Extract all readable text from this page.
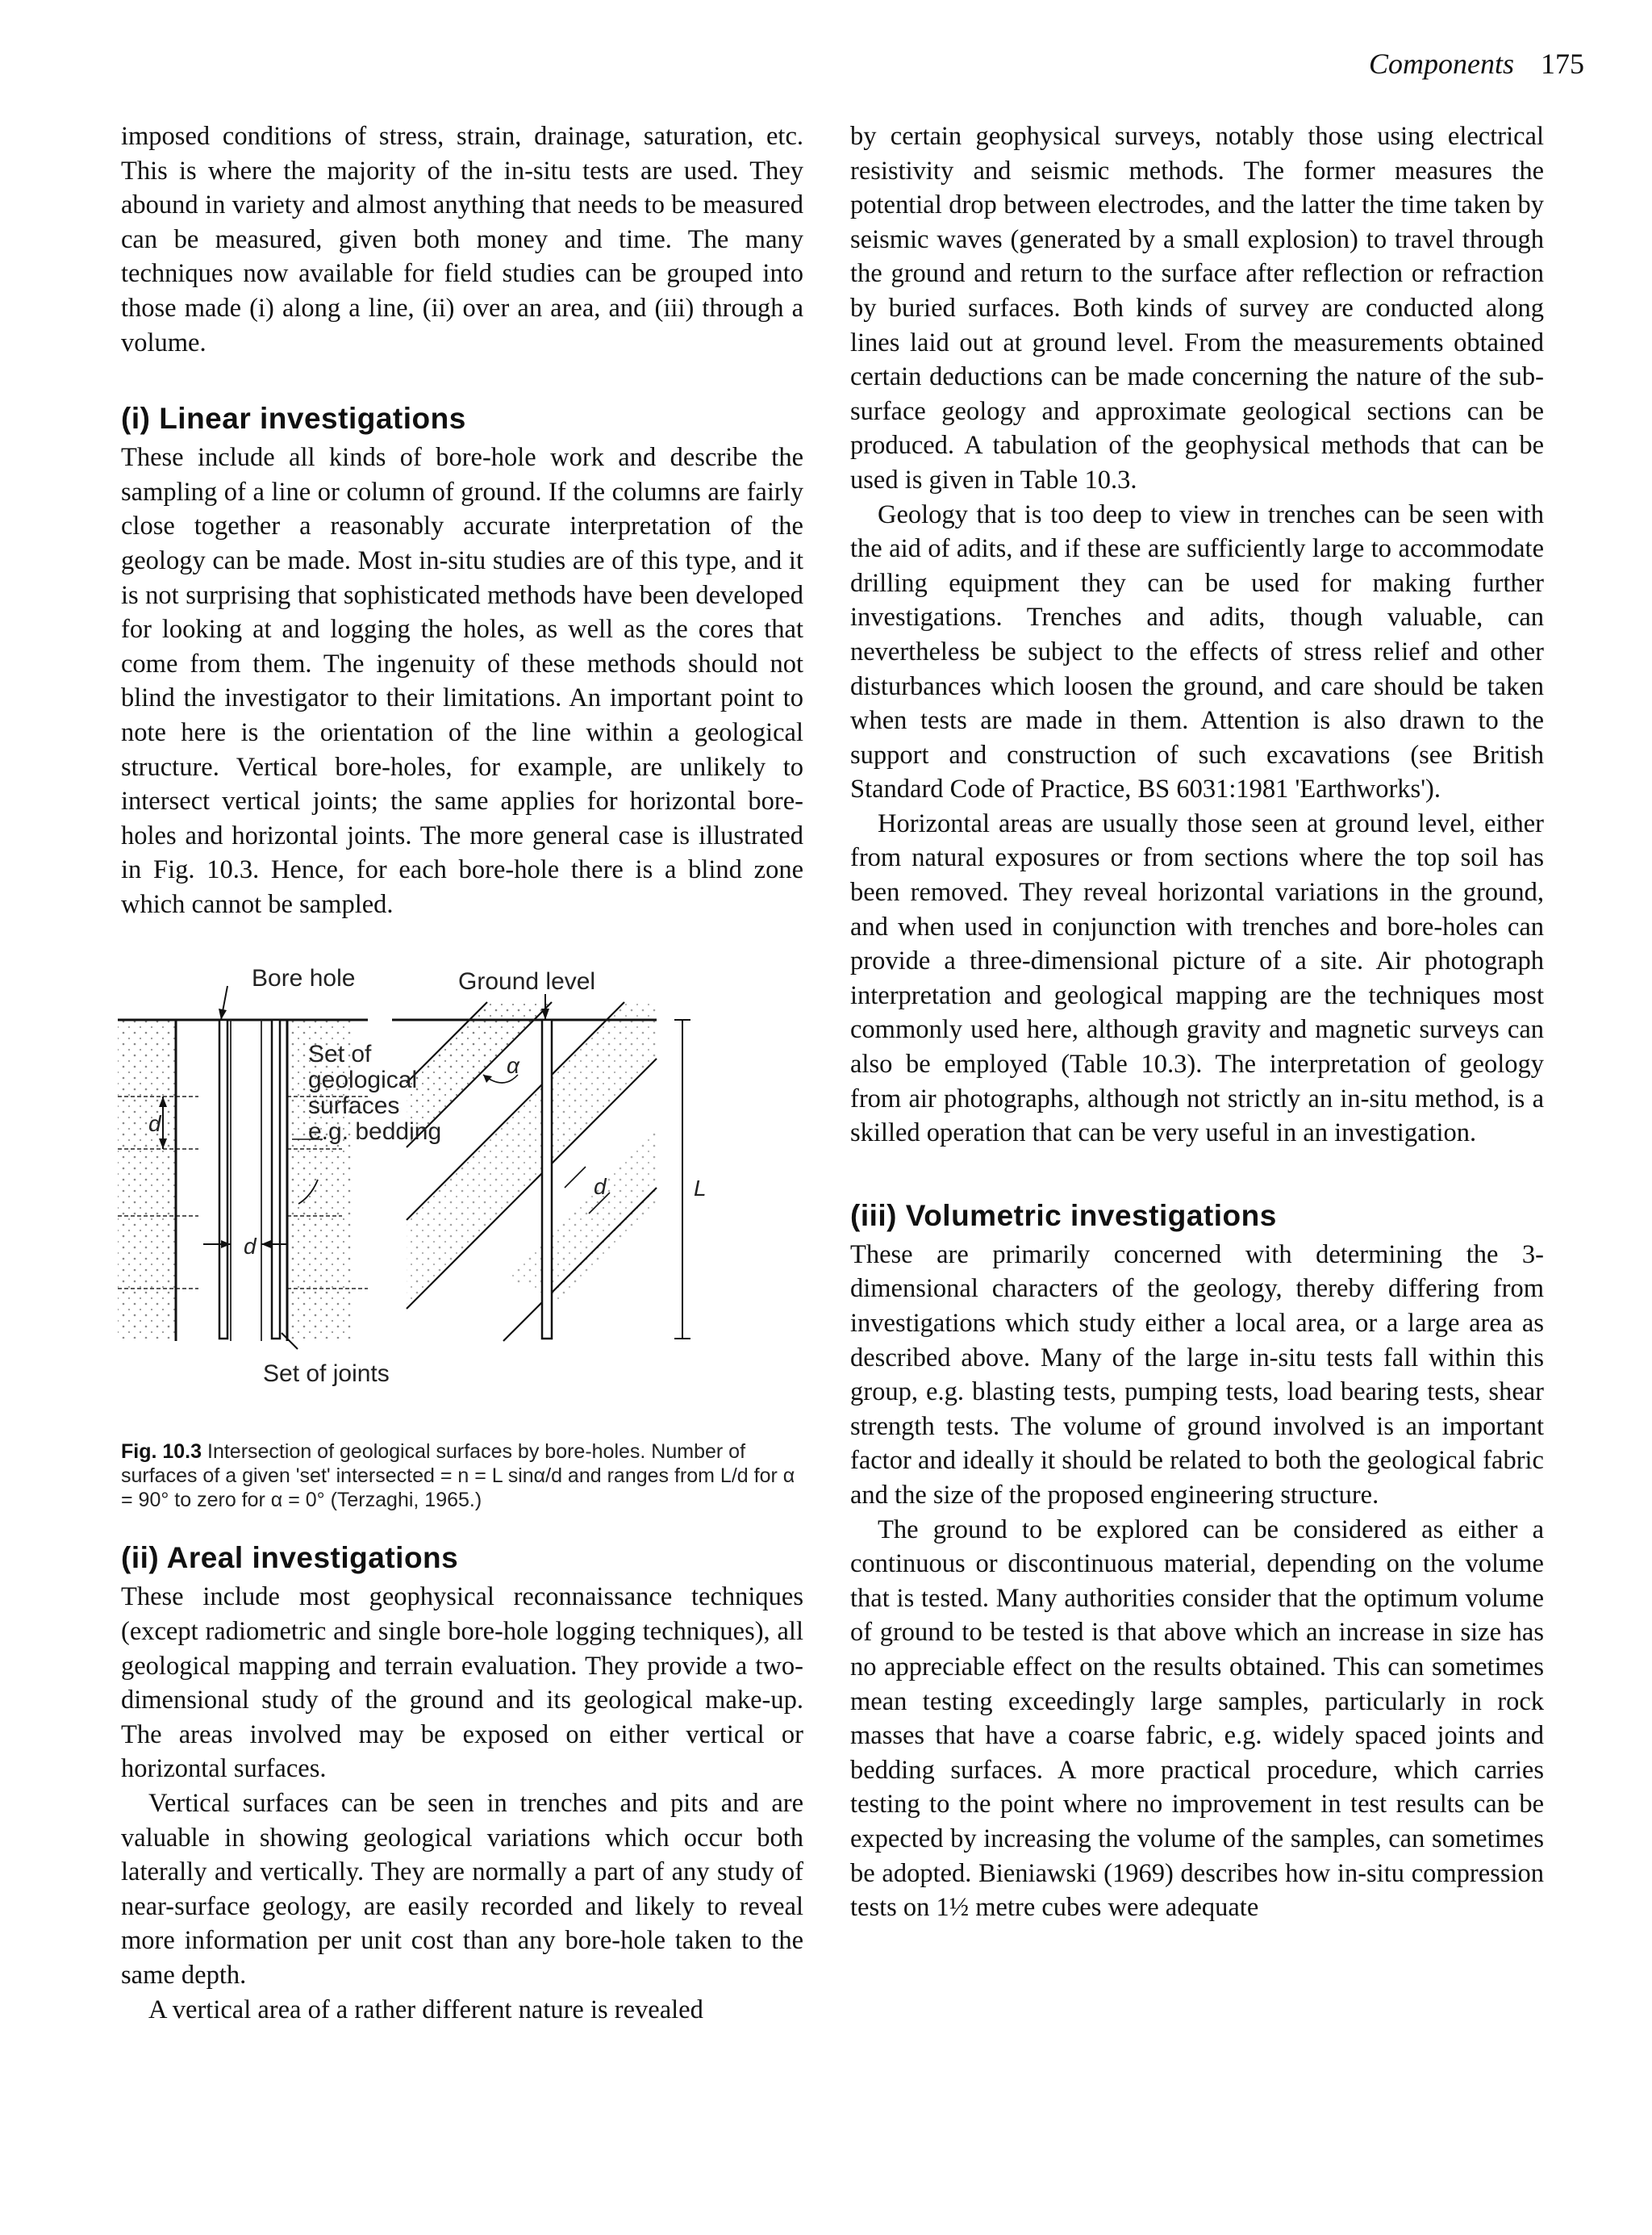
Components 175

imposed conditions of stress, strain, drainage, saturation, etc. This is where the majority of the in-situ tests are used. They abound in variety and almost anything that needs to be measured can be measured, given both money and time. The many techniques now available for field studies can be grouped into those made (i) along a line, (ii) over an area, and (iii) through a volume.

(i) Linear investigations

These include all kinds of bore-hole work and describe the sampling of a line or column of ground. If the columns are fairly close together a reasonably accurate interpretation of the geology can be made. Most in-situ studies are of this type, and it is not surprising that sophisticated methods have been developed for looking at and logging the holes, as well as the cores that come from them. The ingenuity of these methods should not blind the investigator to their limitations. An important point to note here is the orientation of the line within a geological structure. Vertical bore-holes, for example, are unlikely to intersect vertical joints; the same applies for horizontal bore-holes and horizontal joints. The more general case is illustrated in Fig. 10.3. Hence, for each bore-hole there is a blind zone which cannot be sampled.

Bore hole	Ground level
Set of
geological
surfaces
e.g. bedding
Set of joints
d
d
d
α
L
Fig. 10.3 Intersection of geological surfaces by bore-holes. Number of surfaces of a given 'set' intersected = n = L sinα/d and ranges from L/d for α = 90° to zero for α = 0° (Terzaghi, 1965.)
(ii) Areal investigations

These include most geophysical reconnaissance techniques (except radiometric and single bore-hole logging techniques), all geological mapping and terrain evaluation. They provide a two-dimensional study of the ground and its geological make-up. The areas involved may be exposed on either vertical or horizontal surfaces.

Vertical surfaces can be seen in trenches and pits and are valuable in showing geological variations which occur both laterally and vertically. They are normally a part of any study of near-surface geology, are easily recorded and likely to reveal more information per unit cost than any bore-hole taken to the same depth.

A vertical area of a rather different nature is revealed

by certain geophysical surveys, notably those using electrical resistivity and seismic methods. The former measures the potential drop between electrodes, and the latter the time taken by seismic waves (generated by a small explosion) to travel through the ground and return to the surface after reflection or refraction by buried surfaces. Both kinds of survey are conducted along lines laid out at ground level. From the measurements obtained certain deductions can be made concerning the nature of the sub-surface geology and approximate geological sections can be produced. A tabulation of the geophysical methods that can be used is given in Table 10.3.

Geology that is too deep to view in trenches can be seen with the aid of adits, and if these are sufficiently large to accommodate drilling equipment they can be used for making further investigations. Trenches and adits, though valuable, can nevertheless be subject to the effects of stress relief and other disturbances which loosen the ground, and care should be taken when tests are made in them. Attention is also drawn to the support and construction of such excavations (see British Standard Code of Practice, BS 6031:1981 'Earthworks').

Horizontal areas are usually those seen at ground level, either from natural exposures or from sections where the top soil has been removed. They reveal horizontal variations in the ground, and when used in conjunction with trenches and bore-holes can provide a three-dimensional picture of a site. Air photograph interpretation and geological mapping are the techniques most commonly used here, although gravity and magnetic surveys can also be employed (Table 10.3). The interpretation of geology from air photographs, although not strictly an in-situ method, is a skilled operation that can be very useful in an investigation.

(iii) Volumetric investigations

These are primarily concerned with determining the 3-dimensional characters of the geology, thereby differing from investigations which study either a local area, or a large area as described above. Many of the large in-situ tests fall within this group, e.g. blasting tests, pumping tests, load bearing tests, shear strength tests. The volume of ground involved is an important factor and ideally it should be related to both the geological fabric and the size of the proposed engineering structure.

The ground to be explored can be considered as either a continuous or discontinuous material, depending on the volume that is tested. Many authorities consider that the optimum volume of ground to be tested is that above which an increase in size has no appreciable effect on the results obtained. This can sometimes mean testing exceedingly large samples, particularly in rock masses that have a coarse fabric, e.g. widely spaced joints and bedding surfaces. A more practical procedure, which carries testing to the point where no improvement in test results can be expected by increasing the volume of the samples, can sometimes be adopted. Bieniawski (1969) describes how in-situ compression tests on 1½ metre cubes were adequate
